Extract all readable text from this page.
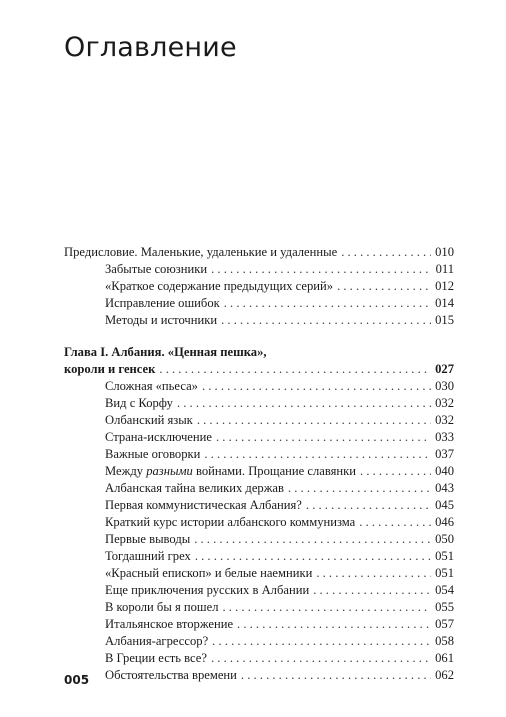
Оглавление
Предисловие. Маленькие, удаленькие и удаленные . . .	010
Забытые союзники . . .	011
«Краткое содержание предыдущих серий» . . .	012
Исправление ошибок . . .	014
Методы и источники . . .	015
Глава I. Албания. «Ценная пешка»,
короли и генсек . . .	027
Сложная «пьеса» . . .	030
Вид с Корфу . . .	032
Олбанский язык . . .	032
Страна-исключение . . .	033
Важные оговорки . . .	037
Между разными войнами. Прощание славянки . . .	040
Албанская тайна великих держав . . .	043
Первая коммунистическая Албания? . . .	045
Краткий курс истории албанского коммунизма . . .	046
Первые выводы . . .	050
Тогдашний грех . . .	051
«Красный епископ» и белые наемники . . .	051
Еще приключения русских в Албании . . .	054
В короли бы я пошел . . .	055
Итальянское вторжение . . .	057
Албания-агрессор? . . .	058
В Греции есть все? . . .	061
Обстоятельства времени . . .	062
005
